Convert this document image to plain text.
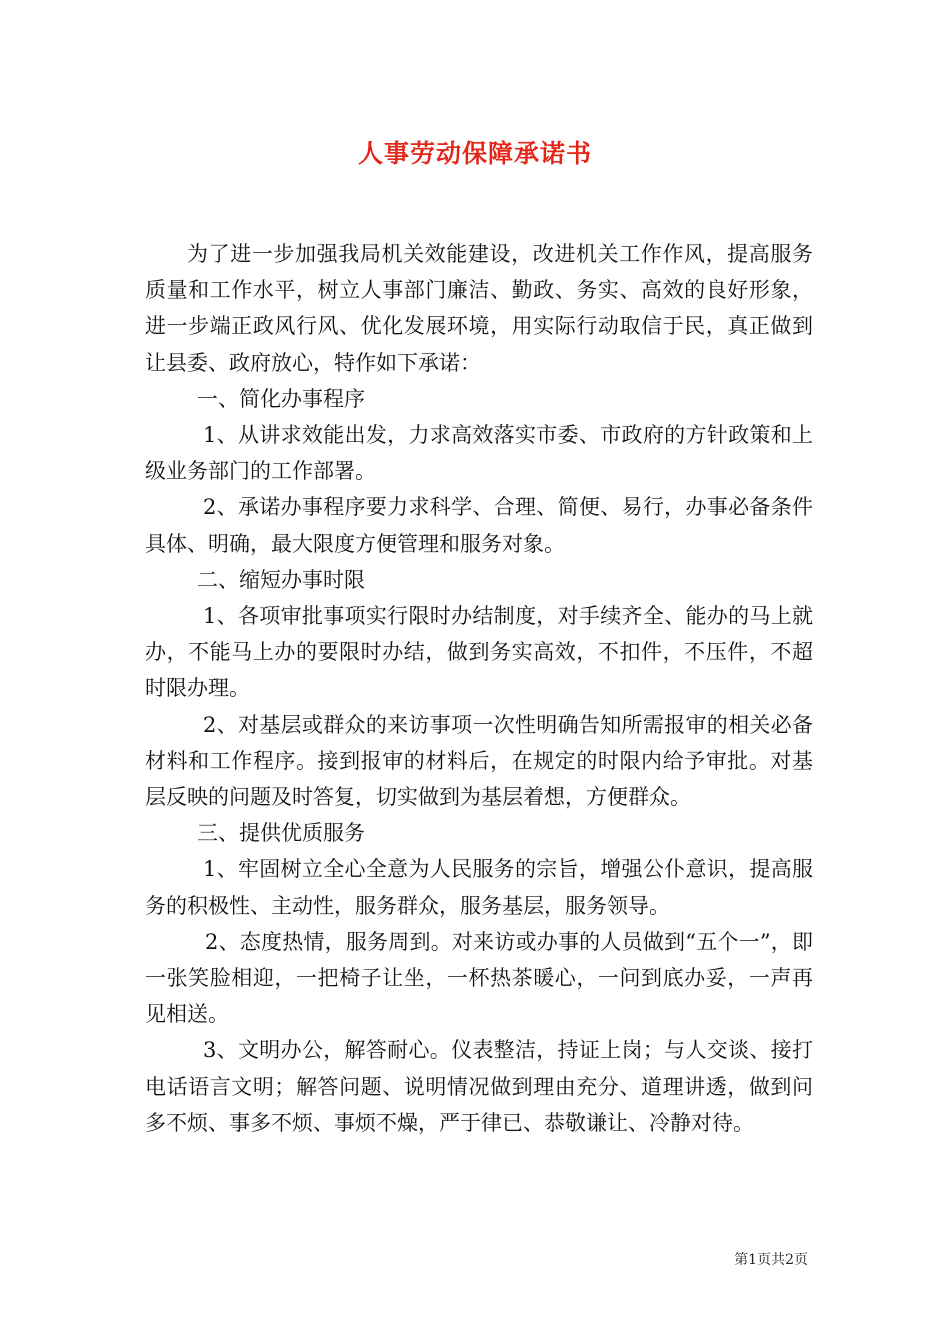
人事劳动保障承诺书

为了进一步加强我局机关效能建设，改进机关工作作风，提高服务质量和工作水平，树立人事部门廉洁、勤政、务实、高效的良好形象，进一步端正政风行风、优化发展环境，用实际行动取信于民，真正做到让县委、政府放心，特作如下承诺：

一、简化办事程序

1、从讲求效能出发，力求高效落实市委、市政府的方针政策和上级业务部门的工作部署。

2、承诺办事程序要力求科学、合理、简便、易行，办事必备条件具体、明确，最大限度方便管理和服务对象。

二、缩短办事时限

1、各项审批事项实行限时办结制度，对手续齐全、能办的马上就办，不能马上办的要限时办结，做到务实高效，不扣件，不压件，不超时限办理。

2、对基层或群众的来访事项一次性明确告知所需报审的相关必备材料和工作程序。接到报审的材料后，在规定的时限内给予审批。对基层反映的问题及时答复，切实做到为基层着想，方便群众。

三、提供优质服务

1、牢固树立全心全意为人民服务的宗旨，增强公仆意识，提高服务的积极性、主动性，服务群众，服务基层，服务领导。

2、态度热情，服务周到。对来访或办事的人员做到“五个一”，即一张笑脸相迎，一把椅子让坐，一杯热茶暖心，一问到底办妥，一声再见相送。

3、文明办公，解答耐心。仪表整洁，持证上岗；与人交谈、接打电话语言文明；解答问题、说明情况做到理由充分、道理讲透，做到问多不烦、事多不烦、事烦不燥，严于律已、恭敬谦让、冷静对待。

第1页共2页
